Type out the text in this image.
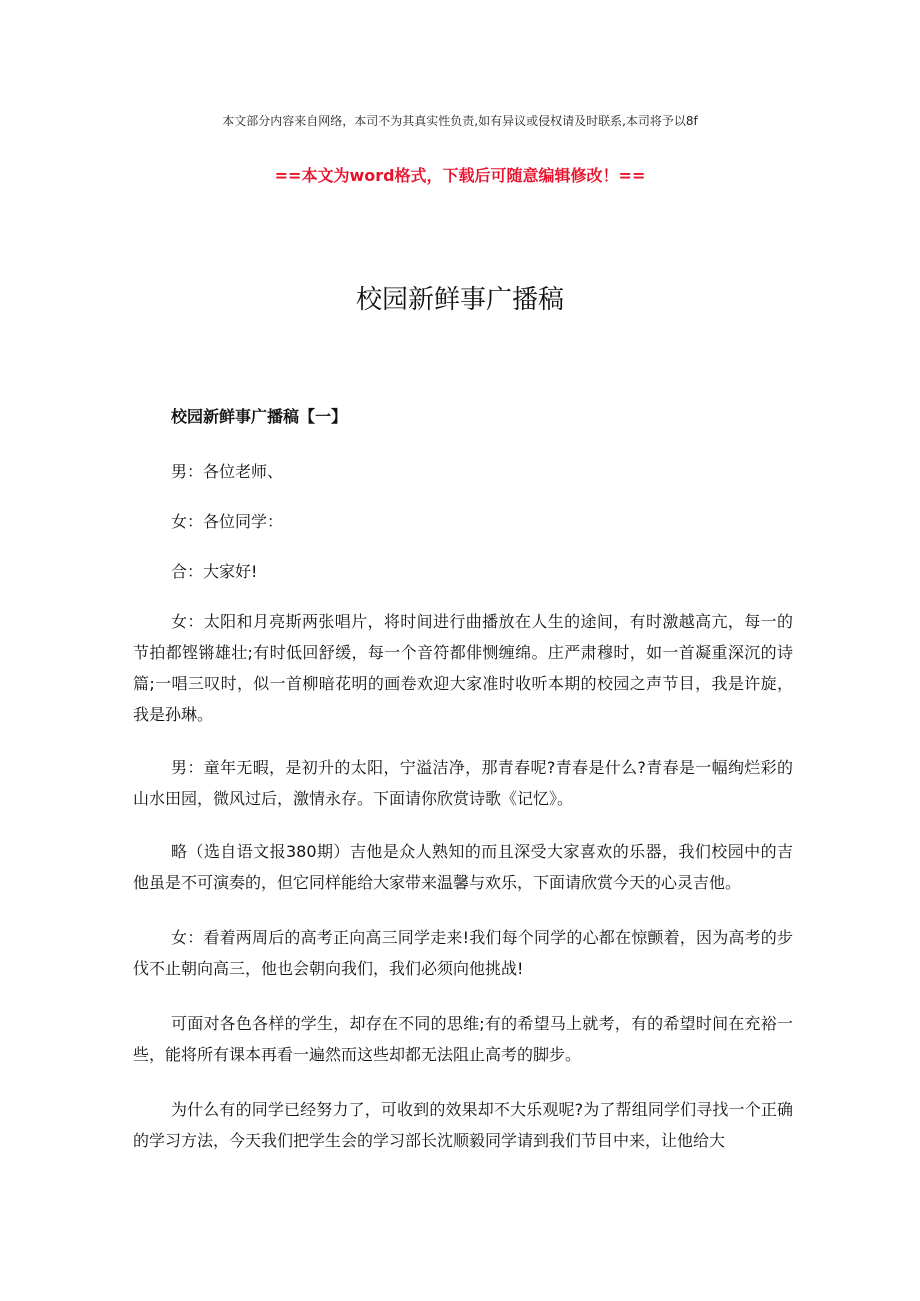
本文部分内容来自网络，本司不为其真实性负责,如有异议或侵权请及时联系,本司将予以8f
==本文为word格式，下载后可随意编辑修改！==
校园新鲜事广播稿

校园新鲜事广播稿【一】

男：各位老师、

女：各位同学：

合：大家好!

女：太阳和月亮斯两张唱片，将时间进行曲播放在人生的途间，有时激越高亢，每一的节拍都铿锵雄壮;有时低回舒缓，每一个音符都俳恻缠绵。庄严肃穆时，如一首凝重深沉的诗篇;一唱三叹时，似一首柳暗花明的画卷欢迎大家准时收听本期的校园之声节目，我是许旋，我是孙琳。

男：童年无暇，是初升的太阳，宁溢洁净，那青春呢?青春是什么?青春是一幅绚烂彩的山水田园，微风过后，激情永存。下面请你欣赏诗歌《记忆》。

略（选自语文报380期）吉他是众人熟知的而且深受大家喜欢的乐器，我们校园中的吉他虽是不可演奏的，但它同样能给大家带来温馨与欢乐，下面请欣赏今天的心灵吉他。

女：看着两周后的高考正向高三同学走来!我们每个同学的心都在惊颤着，因为高考的步伐不止朝向高三，他也会朝向我们，我们必须向他挑战!

可面对各色各样的学生，却存在不同的思维;有的希望马上就考，有的希望时间在充裕一些，能将所有课本再看一遍然而这些却都无法阻止高考的脚步。

为什么有的同学已经努力了，可收到的效果却不大乐观呢?为了帮组同学们寻找一个正确的学习方法，今天我们把学生会的学习部长沈顺毅同学请到我们节目中来，让他给大
